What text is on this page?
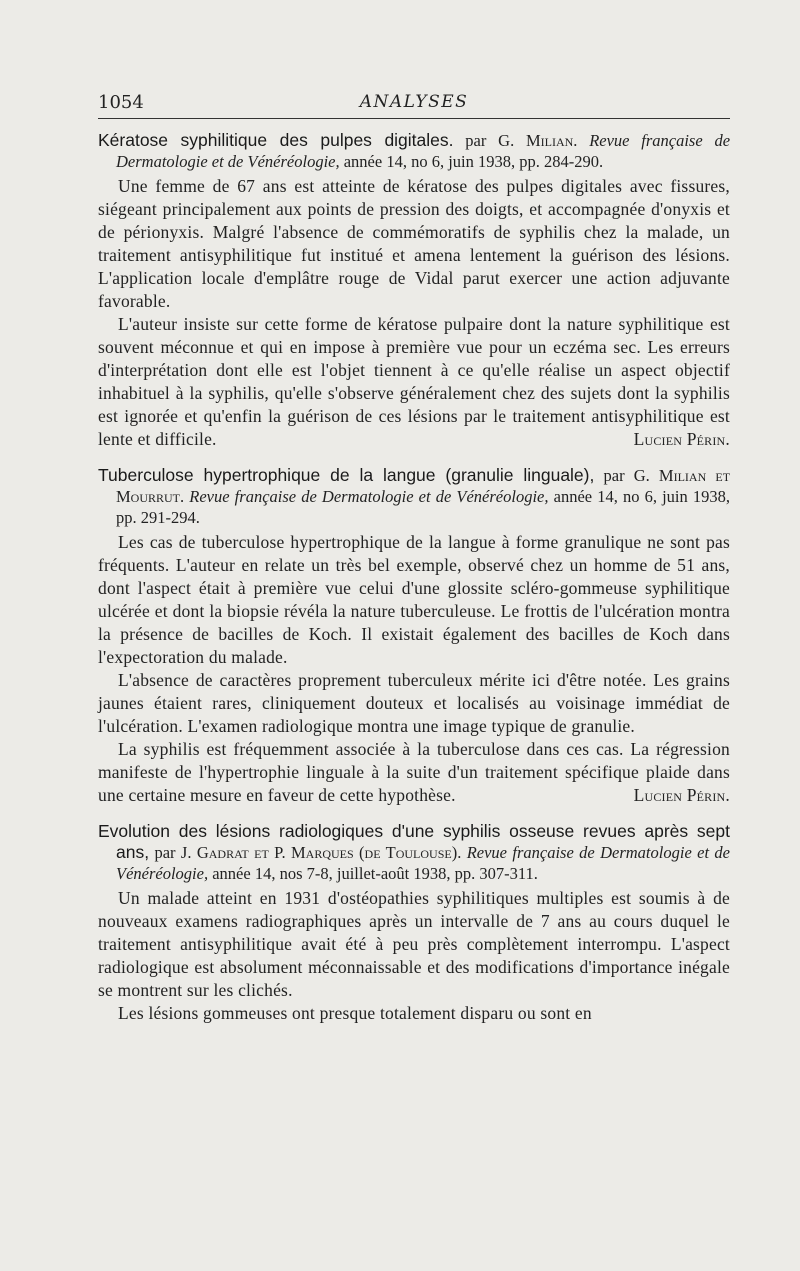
1054	ANALYSES

Kératose syphilitique des pulpes digitales. par G. Milian. Revue française de Dermatologie et de Vénéréologie, année 14, no 6, juin 1938, pp. 284-290.

Une femme de 67 ans est atteinte de kératose des pulpes digitales avec fissures, siégeant principalement aux points de pression des doigts, et accompagnée d'onyxis et de périonyxis. Malgré l'absence de commémoratifs de syphilis chez la malade, un traitement antisyphilitique fut institué et amena lentement la guérison des lésions. L'application locale d'emplâtre rouge de Vidal parut exercer une action adjuvante favorable.

L'auteur insiste sur cette forme de kératose pulpaire dont la nature syphilitique est souvent méconnue et qui en impose à première vue pour un eczéma sec. Les erreurs d'interprétation dont elle est l'objet tiennent à ce qu'elle réalise un aspect objectif inhabituel à la syphilis, qu'elle s'observe généralement chez des sujets dont la syphilis est ignorée et qu'enfin la guérison de ces lésions par le traitement antisyphilitique est lente et difficile.	Lucien Périn.

Tuberculose hypertrophique de la langue (granulie linguale), par G. Milian et Mourrut. Revue française de Dermatologie et de Vénéréologie, année 14, no 6, juin 1938, pp. 291-294.

Les cas de tuberculose hypertrophique de la langue à forme granulique ne sont pas fréquents. L'auteur en relate un très bel exemple, observé chez un homme de 51 ans, dont l'aspect était à première vue celui d'une glossite scléro-gommeuse syphilitique ulcérée et dont la biopsie révéla la nature tuberculeuse. Le frottis de l'ulcération montra la présence de bacilles de Koch. Il existait également des bacilles de Koch dans l'expectoration du malade.

L'absence de caractères proprement tuberculeux mérite ici d'être notée. Les grains jaunes étaient rares, cliniquement douteux et localisés au voisinage immédiat de l'ulcération. L'examen radiologique montra une image typique de granulie.

La syphilis est fréquemment associée à la tuberculose dans ces cas. La régression manifeste de l'hypertrophie linguale à la suite d'un traitement spécifique plaide dans une certaine mesure en faveur de cette hypothèse.	Lucien Périn.

Evolution des lésions radiologiques d'une syphilis osseuse revues après sept ans, par J. Gadrat et P. Marques (de Toulouse). Revue française de Dermatologie et de Vénéréologie, année 14, nos 7-8, juillet-août 1938, pp. 307-311.

Un malade atteint en 1931 d'ostéopathies syphilitiques multiples est soumis à de nouveaux examens radiographiques après un intervalle de 7 ans au cours duquel le traitement antisyphilitique avait été à peu près complètement interrompu. L'aspect radiologique est absolument méconnaissable et des modifications d'importance inégale se montrent sur les clichés.

Les lésions gommeuses ont presque totalement disparu ou sont en
